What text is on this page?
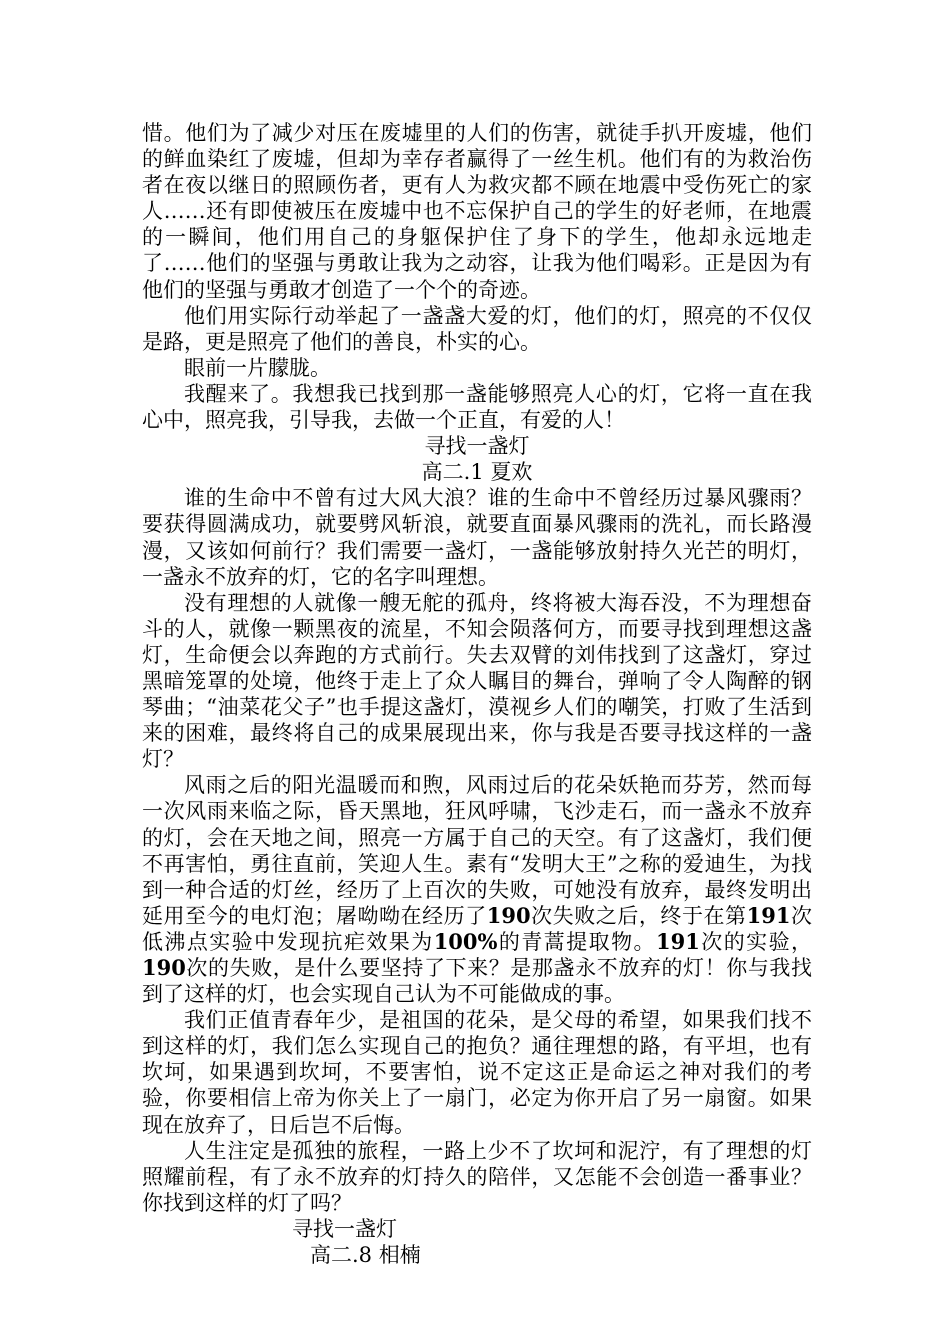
惜。他们为了减少对压在废墟里的人们的伤害，就徒手扒开废墟，他们的鲜血染红了废墟，但却为幸存者赢得了一丝生机。他们有的为救治伤者在夜以继日的照顾伤者，更有人为救灾都不顾在地震中受伤死亡的家人……还有即使被压在废墟中也不忘保护自己的学生的好老师，在地震的一瞬间，他们用自己的身躯保护住了身下的学生，他却永远地走了……他们的坚强与勇敢让我为之动容，让我为他们喝彩。正是因为有他们的坚强与勇敢才创造了一个个的奇迹。

他们用实际行动举起了一盏盏大爱的灯，他们的灯，照亮的不仅仅是路，更是照亮了他们的善良，朴实的心。

眼前一片朦胧。

我醒来了。我想我已找到那一盏能够照亮人心的灯，它将一直在我心中，照亮我，引导我，去做一个正直，有爱的人！

寻找一盏灯

高二.1 夏欢

谁的生命中不曾有过大风大浪？谁的生命中不曾经历过暴风骤雨？要获得圆满成功，就要劈风斩浪，就要直面暴风骤雨的洗礼，而长路漫漫，又该如何前行？我们需要一盏灯，一盏能够放射持久光芒的明灯，一盏永不放弃的灯，它的名字叫理想。

没有理想的人就像一艘无舵的孤舟，终将被大海吞没，不为理想奋斗的人，就像一颗黑夜的流星，不知会陨落何方，而要寻找到理想这盏灯，生命便会以奔跑的方式前行。失去双臂的刘伟找到了这盏灯，穿过黑暗笼罩的处境，他终于走上了众人瞩目的舞台，弹响了令人陶醉的钢琴曲；“油菜花父子”也手提这盏灯，漠视乡人们的嘲笑，打败了生活到来的困难，最终将自己的成果展现出来，你与我是否要寻找这样的一盏灯？

风雨之后的阳光温暖而和煦，风雨过后的花朵妖艳而芬芳，然而每一次风雨来临之际，昏天黑地，狂风呼啸，飞沙走石，而一盏永不放弃的灯，会在天地之间，照亮一方属于自己的天空。有了这盏灯，我们便不再害怕，勇往直前，笑迎人生。素有“发明大王”之称的爱迪生，为找到一种合适的灯丝，经历了上百次的失败，可她没有放弃，最终发明出延用至今的电灯泡；屠呦呦在经历了190次失败之后，终于在第191次低沸点实验中发现抗疟效果为100%的青蒿提取物。191次的实验，190次的失败，是什么要坚持了下来？是那盏永不放弃的灯！你与我找到了这样的灯，也会实现自己认为不可能做成的事。

我们正值青春年少，是祖国的花朵，是父母的希望，如果我们找不到这样的灯，我们怎么实现自己的抱负？通往理想的路，有平坦，也有坎坷，如果遇到坎坷，不要害怕，说不定这正是命运之神对我们的考验，你要相信上帝为你关上了一扇门，必定为你开启了另一扇窗。如果现在放弃了，日后岂不后悔。

人生注定是孤独的旅程，一路上少不了坎坷和泥泞，有了理想的灯照耀前程，有了永不放弃的灯持久的陪伴，又怎能不会创造一番事业？你找到这样的灯了吗？

寻找一盏灯

高二.8 相楠
